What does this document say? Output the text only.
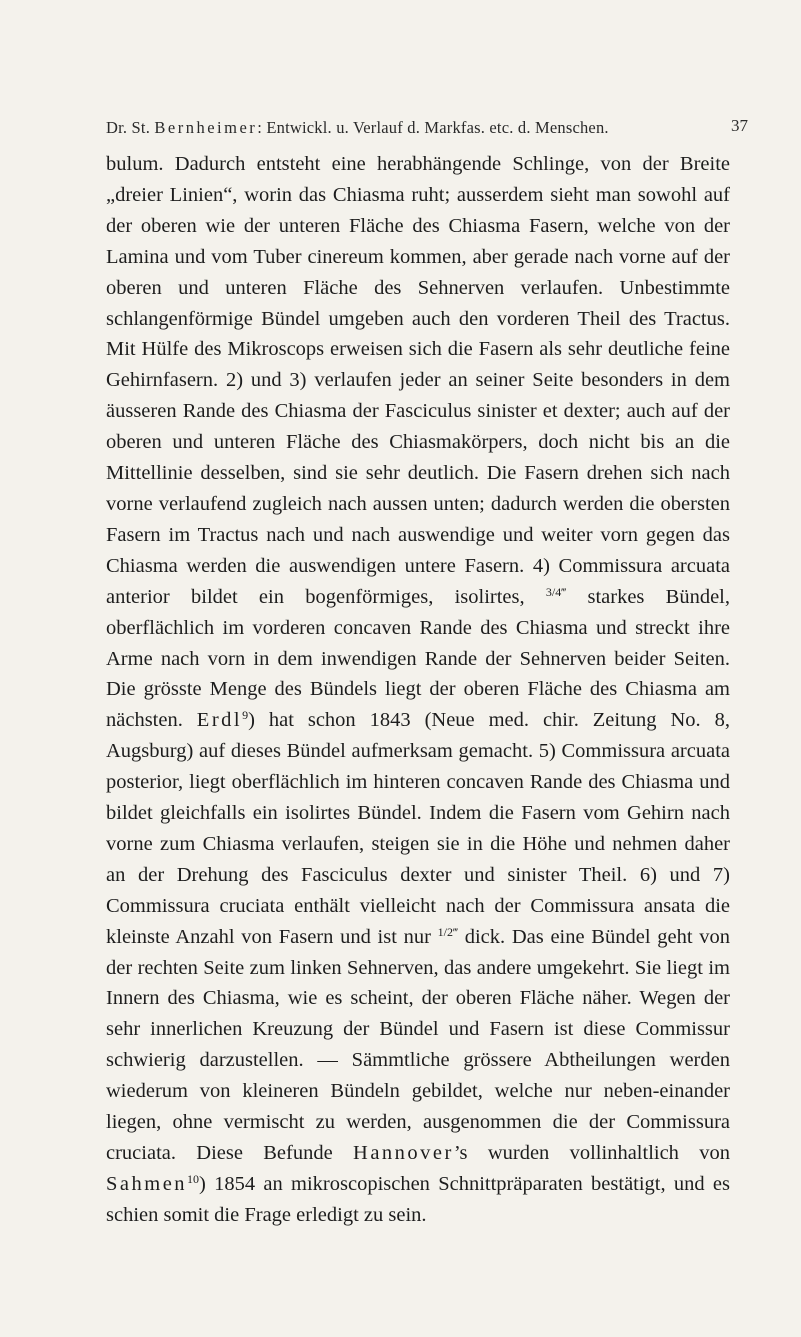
Dr. St. Bernheimer: Entwickl. u. Verlauf d. Markfas. etc. d. Menschen.	37

bulum. Dadurch entsteht eine herabhängende Schlinge, von der Breite „dreier Linien“, worin das Chiasma ruht; ausserdem sieht man sowohl auf der oberen wie der unteren Fläche des Chiasma Fasern, welche von der Lamina und vom Tuber cinereum kommen, aber gerade nach vorne auf der oberen und unteren Fläche des Sehnerven verlaufen. Unbestimmte schlangenförmige Bündel umgeben auch den vorderen Theil des Tractus. Mit Hülfe des Mikroscops erweisen sich die Fasern als sehr deutliche feine Gehirnfasern. 2) und 3) verlaufen jeder an seiner Seite besonders in dem äusseren Rande des Chiasma der Fasciculus sinister et dexter; auch auf der oberen und unteren Fläche des Chiasmakörpers, doch nicht bis an die Mittellinie desselben, sind sie sehr deutlich. Die Fasern drehen sich nach vorne verlaufend zugleich nach aussen unten; dadurch werden die obersten Fasern im Tractus nach und nach auswendige und weiter vorn gegen das Chiasma werden die auswendigen untere Fasern. 4) Commissura arcuata anterior bildet ein bogenförmiges, isolirtes, $^{3/4‴}$ starkes Bündel, oberflächlich im vorderen concaven Rande des Chiasma und streckt ihre Arme nach vorn in dem inwendigen Rande der Sehnerven beider Seiten. Die grösste Menge des Bündels liegt der oberen Fläche des Chiasma am nächsten. Erdl$^9$) hat schon 1843 (Neue med. chir. Zeitung No. 8, Augsburg) auf dieses Bündel aufmerksam gemacht. 5) Commissura arcuata posterior, liegt oberflächlich im hinteren concaven Rande des Chiasma und bildet gleichfalls ein isolirtes Bündel. Indem die Fasern vom Gehirn nach vorne zum Chiasma verlaufen, steigen sie in die Höhe und nehmen daher an der Drehung des Fasciculus dexter und sinister Theil. 6) und 7) Commissura cruciata enthält vielleicht nach der Commissura ansata die kleinste Anzahl von Fasern und ist nur $^{1/2‴}$ dick. Das eine Bündel geht von der rechten Seite zum linken Sehnerven, das andere umgekehrt. Sie liegt im Innern des Chiasma, wie es scheint, der oberen Fläche näher. Wegen der sehr innerlichen Kreuzung der Bündel und Fasern ist diese Commissur schwierig darzustellen. — Sämmtliche grössere Abtheilungen werden wiederum von kleineren Bündeln gebildet, welche nur neben-einander liegen, ohne vermischt zu werden, ausgenommen die der Commissura cruciata. Diese Befunde Hannover’s wurden vollinhaltlich von Sahmen$^{10}$) 1854 an mikroscopischen Schnittpräparaten bestätigt, und es schien somit die Frage erledigt zu sein.
